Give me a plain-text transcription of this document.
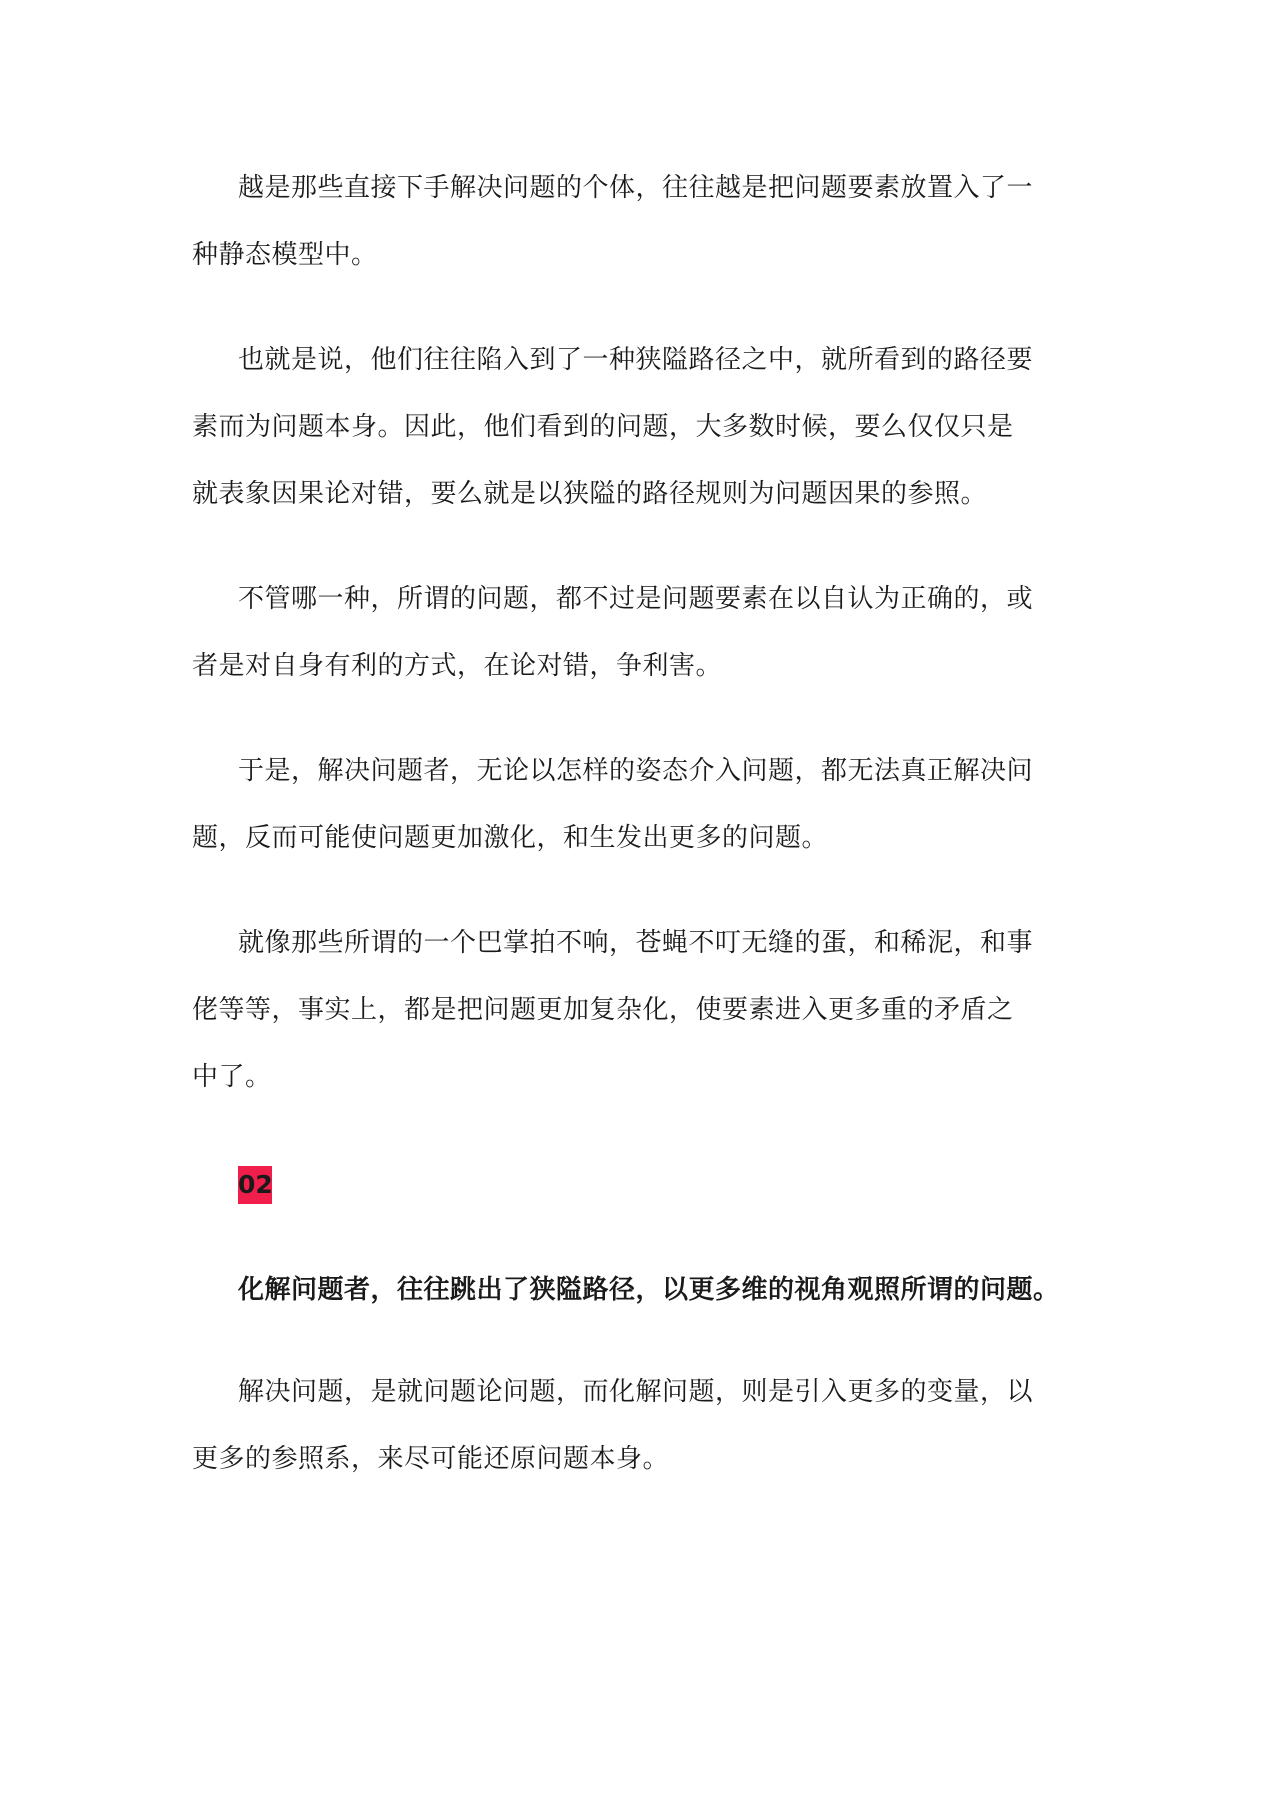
越是那些直接下手解决问题的个体，往往越是把问题要素放置入了一
种静态模型中。

也就是说，他们往往陷入到了一种狭隘路径之中，就所看到的路径要
素而为问题本身。因此，他们看到的问题，大多数时候，要么仅仅只是
就表象因果论对错，要么就是以狭隘的路径规则为问题因果的参照。

不管哪一种，所谓的问题，都不过是问题要素在以自认为正确的，或
者是对自身有利的方式，在论对错，争利害。

于是，解决问题者，无论以怎样的姿态介入问题，都无法真正解决问
题，反而可能使问题更加激化，和生发出更多的问题。

就像那些所谓的一个巴掌拍不响，苍蝇不叮无缝的蛋，和稀泥，和事
佬等等，事实上，都是把问题更加复杂化，使要素进入更多重的矛盾之
中了。

02

化解问题者，往往跳出了狭隘路径，以更多维的视角观照所谓的问题。

解决问题，是就问题论问题，而化解问题，则是引入更多的变量，以
更多的参照系，来尽可能还原问题本身。
